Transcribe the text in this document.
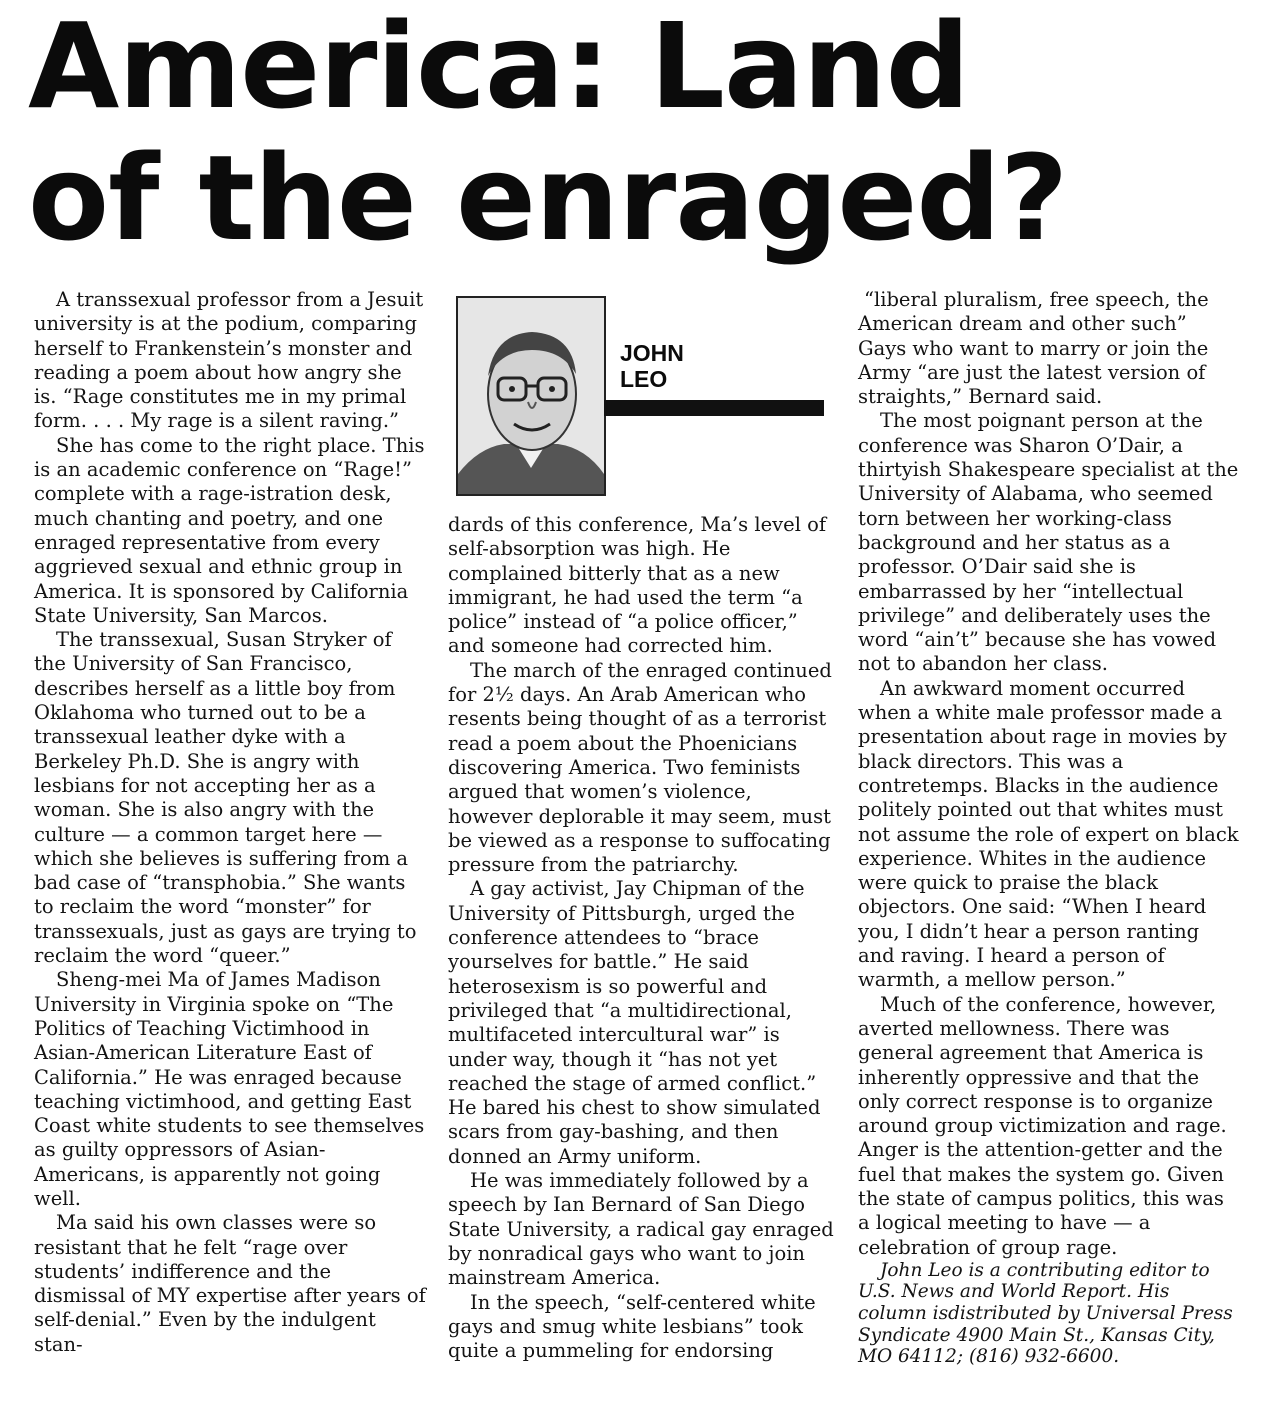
America: Land
of the enraged?

A transsexual professor from a Jesuit university is at the podium, comparing herself to Frankenstein’s monster and reading a poem about how angry she is. “Rage constitutes me in my primal form. . . . My rage is a silent raving.”

She has come to the right place. This is an academic conference on “Rage!” complete with a rage-istration desk, much chanting and poetry, and one enraged representative from every aggrieved sexual and ethnic group in America. It is sponsored by California State University, San Marcos.

The transsexual, Susan Stryker of the University of San Francisco, describes herself as a little boy from Oklahoma who turned out to be a transsexual leather dyke with a Berkeley Ph.D. She is angry with lesbians for not accepting her as a woman. She is also angry with the culture — a common target here — which she believes is suffering from a bad case of “transphobia.” She wants to reclaim the word “monster” for transsexuals, just as gays are trying to reclaim the word “queer.”

Sheng-mei Ma of James Madison University in Virginia spoke on “The Politics of Teaching Victimhood in Asian-American Literature East of California.” He was enraged because teaching victimhood, and getting East Coast white students to see themselves as guilty oppressors of Asian-Americans, is apparently not going well.

Ma said his own classes were so resistant that he felt “rage over students’ indifference and the dismissal of MY expertise after years of self-denial.” Even by the indulgent stan-

JOHN
LEO

dards of this conference, Ma’s level of self-absorption was high. He complained bitterly that as a new immigrant, he had used the term “a police” instead of “a police officer,” and someone had corrected him.

The march of the enraged continued for 2½ days. An Arab American who resents being thought of as a terrorist read a poem about the Phoenicians discovering America. Two feminists argued that women’s violence, however deplorable it may seem, must be viewed as a response to suffocating pressure from the patriarchy.

A gay activist, Jay Chipman of the University of Pittsburgh, urged the conference attendees to “brace yourselves for battle.” He said heterosexism is so powerful and privileged that “a multidirectional, multifaceted intercultural war” is under way, though it “has not yet reached the stage of armed conflict.” He bared his chest to show simulated scars from gay-bashing, and then donned an Army uniform.

He was immediately followed by a speech by Ian Bernard of San Diego State University, a radical gay enraged by nonradical gays who want to join mainstream America.

In the speech, “self-centered white gays and smug white lesbians” took quite a pummeling for endorsing

“liberal pluralism, free speech, the American dream and other such” Gays who want to marry or join the Army “are just the latest version of straights,” Bernard said.

The most poignant person at the conference was Sharon O’Dair, a thirtyish Shakespeare specialist at the University of Alabama, who seemed torn between her working-class background and her status as a professor. O’Dair said she is embarrassed by her “intellectual privilege” and deliberately uses the word “ain’t” because she has vowed not to abandon her class.

An awkward moment occurred when a white male professor made a presentation about rage in movies by black directors. This was a contretemps. Blacks in the audience politely pointed out that whites must not assume the role of expert on black experience. Whites in the audience were quick to praise the black objectors. One said: “When I heard you, I didn’t hear a person ranting and raving. I heard a person of warmth, a mellow person.”

Much of the conference, however, averted mellowness. There was general agreement that America is inherently oppressive and that the only correct response is to organize around group victimization and rage. Anger is the attention-getter and the fuel that makes the system go. Given the state of campus politics, this was a logical meeting to have — a celebration of group rage.

John Leo is a contributing editor to U.S. News and World Report. His column isdistributed by Universal Press Syndicate 4900 Main St., Kansas City, MO 64112; (816) 932-6600.
